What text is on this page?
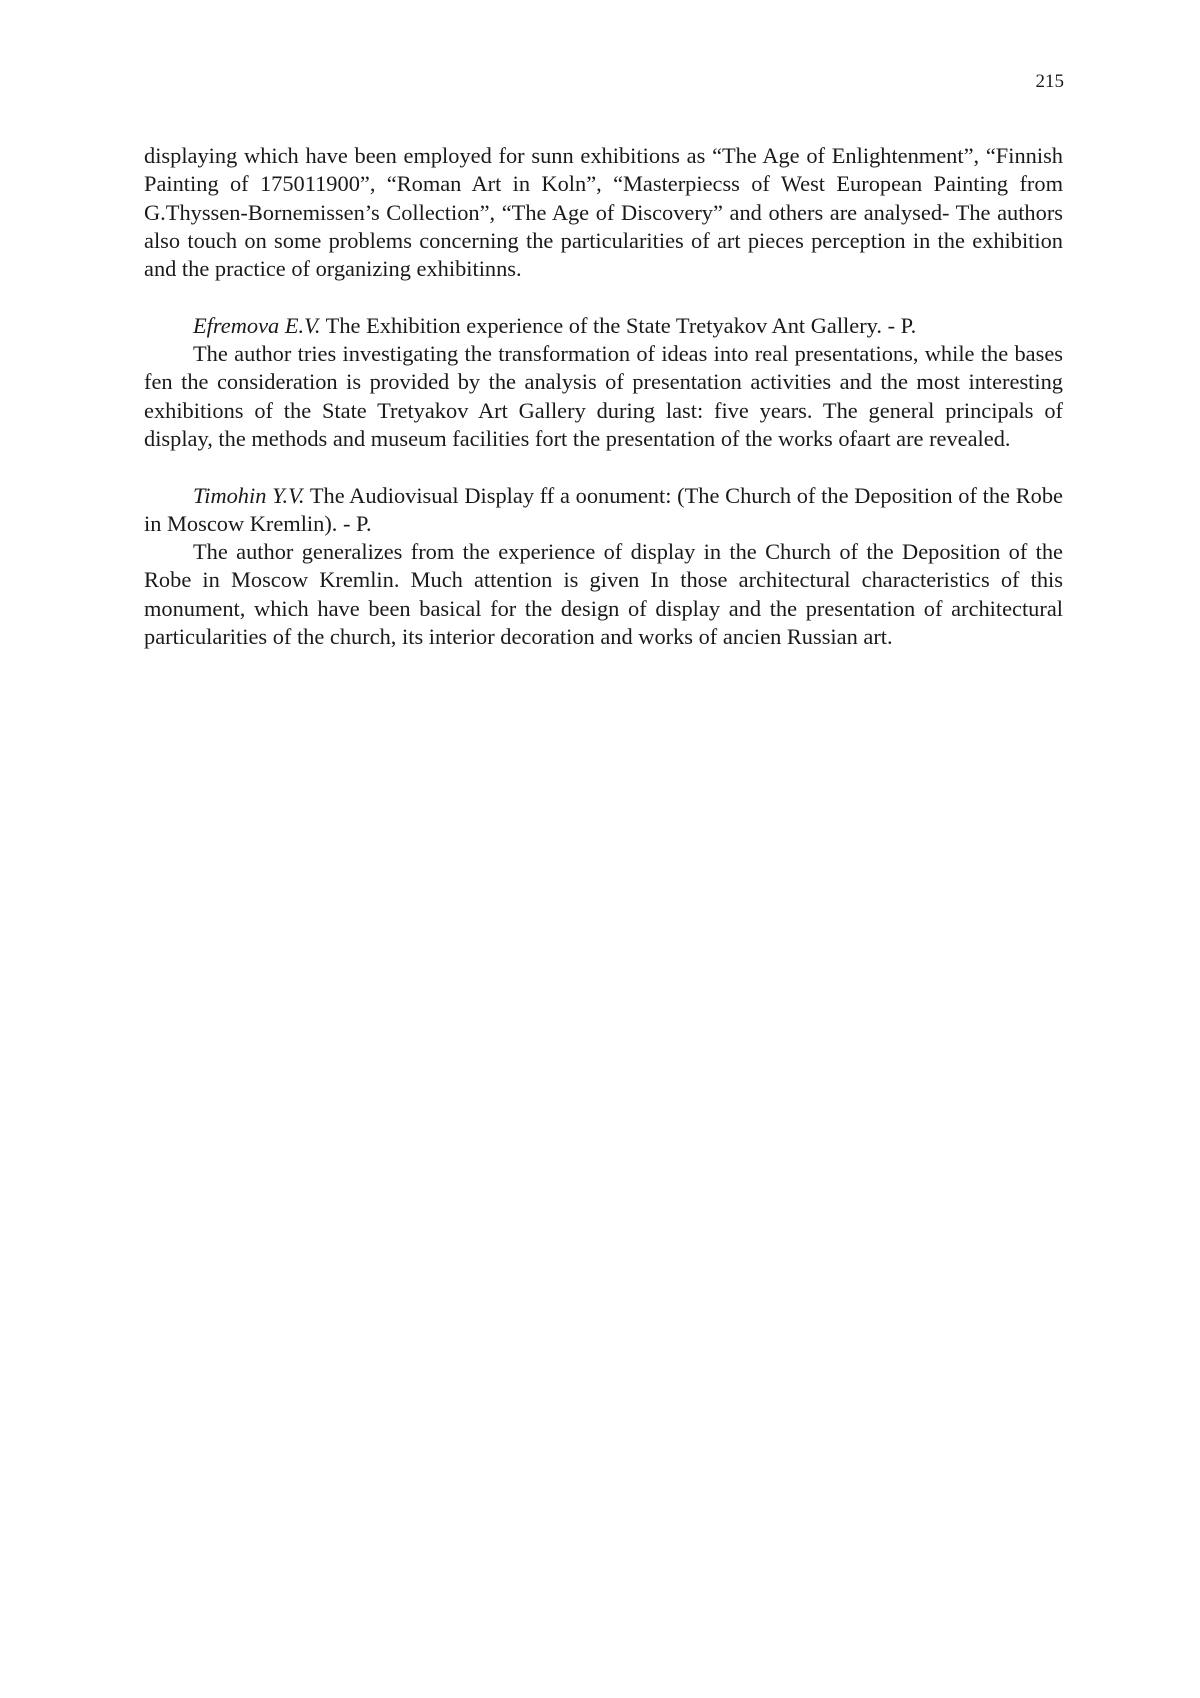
215

displaying which have been employed for sunn exhibitions as “The Age of Enlightenment”, “Finnish Painting of 175011900”, “Roman Art in Koln”, “Masterpiecss of West European Painting from G.Thyssen-Bornemissen’s Collection”, “The Age of Discovery” and others are analysed- The authors also touch on some problems concerning the particularities of art pieces perception in the exhibition and the practice of organizing exhibitinns.

Efremova E.V. The Exhibition experience of the State Tretyakov Ant Gallery. - P.

The author tries investigating the transformation of ideas into real presentations, while the bases fen the consideration is provided by the analysis of presentation activities and the most interesting exhibitions of the State Tretyakov Art Gallery during last: five years. The general principals of display, the methods and museum facilities fort the presentation of the works ofaart are revealed.

Timohin Y.V. The Audiovisual Display ff a oonument: (The Church of the Deposition of the Robe in Moscow Kremlin). - P.

The author generalizes from the experience of display in the Church of the Deposition of the Robe in Moscow Kremlin. Much attention is given In those architectural characteristics of this monument, which have been basical for the design of display and the presentation of architectural particularities of the church, its interior decoration and works of ancien Russian art.
